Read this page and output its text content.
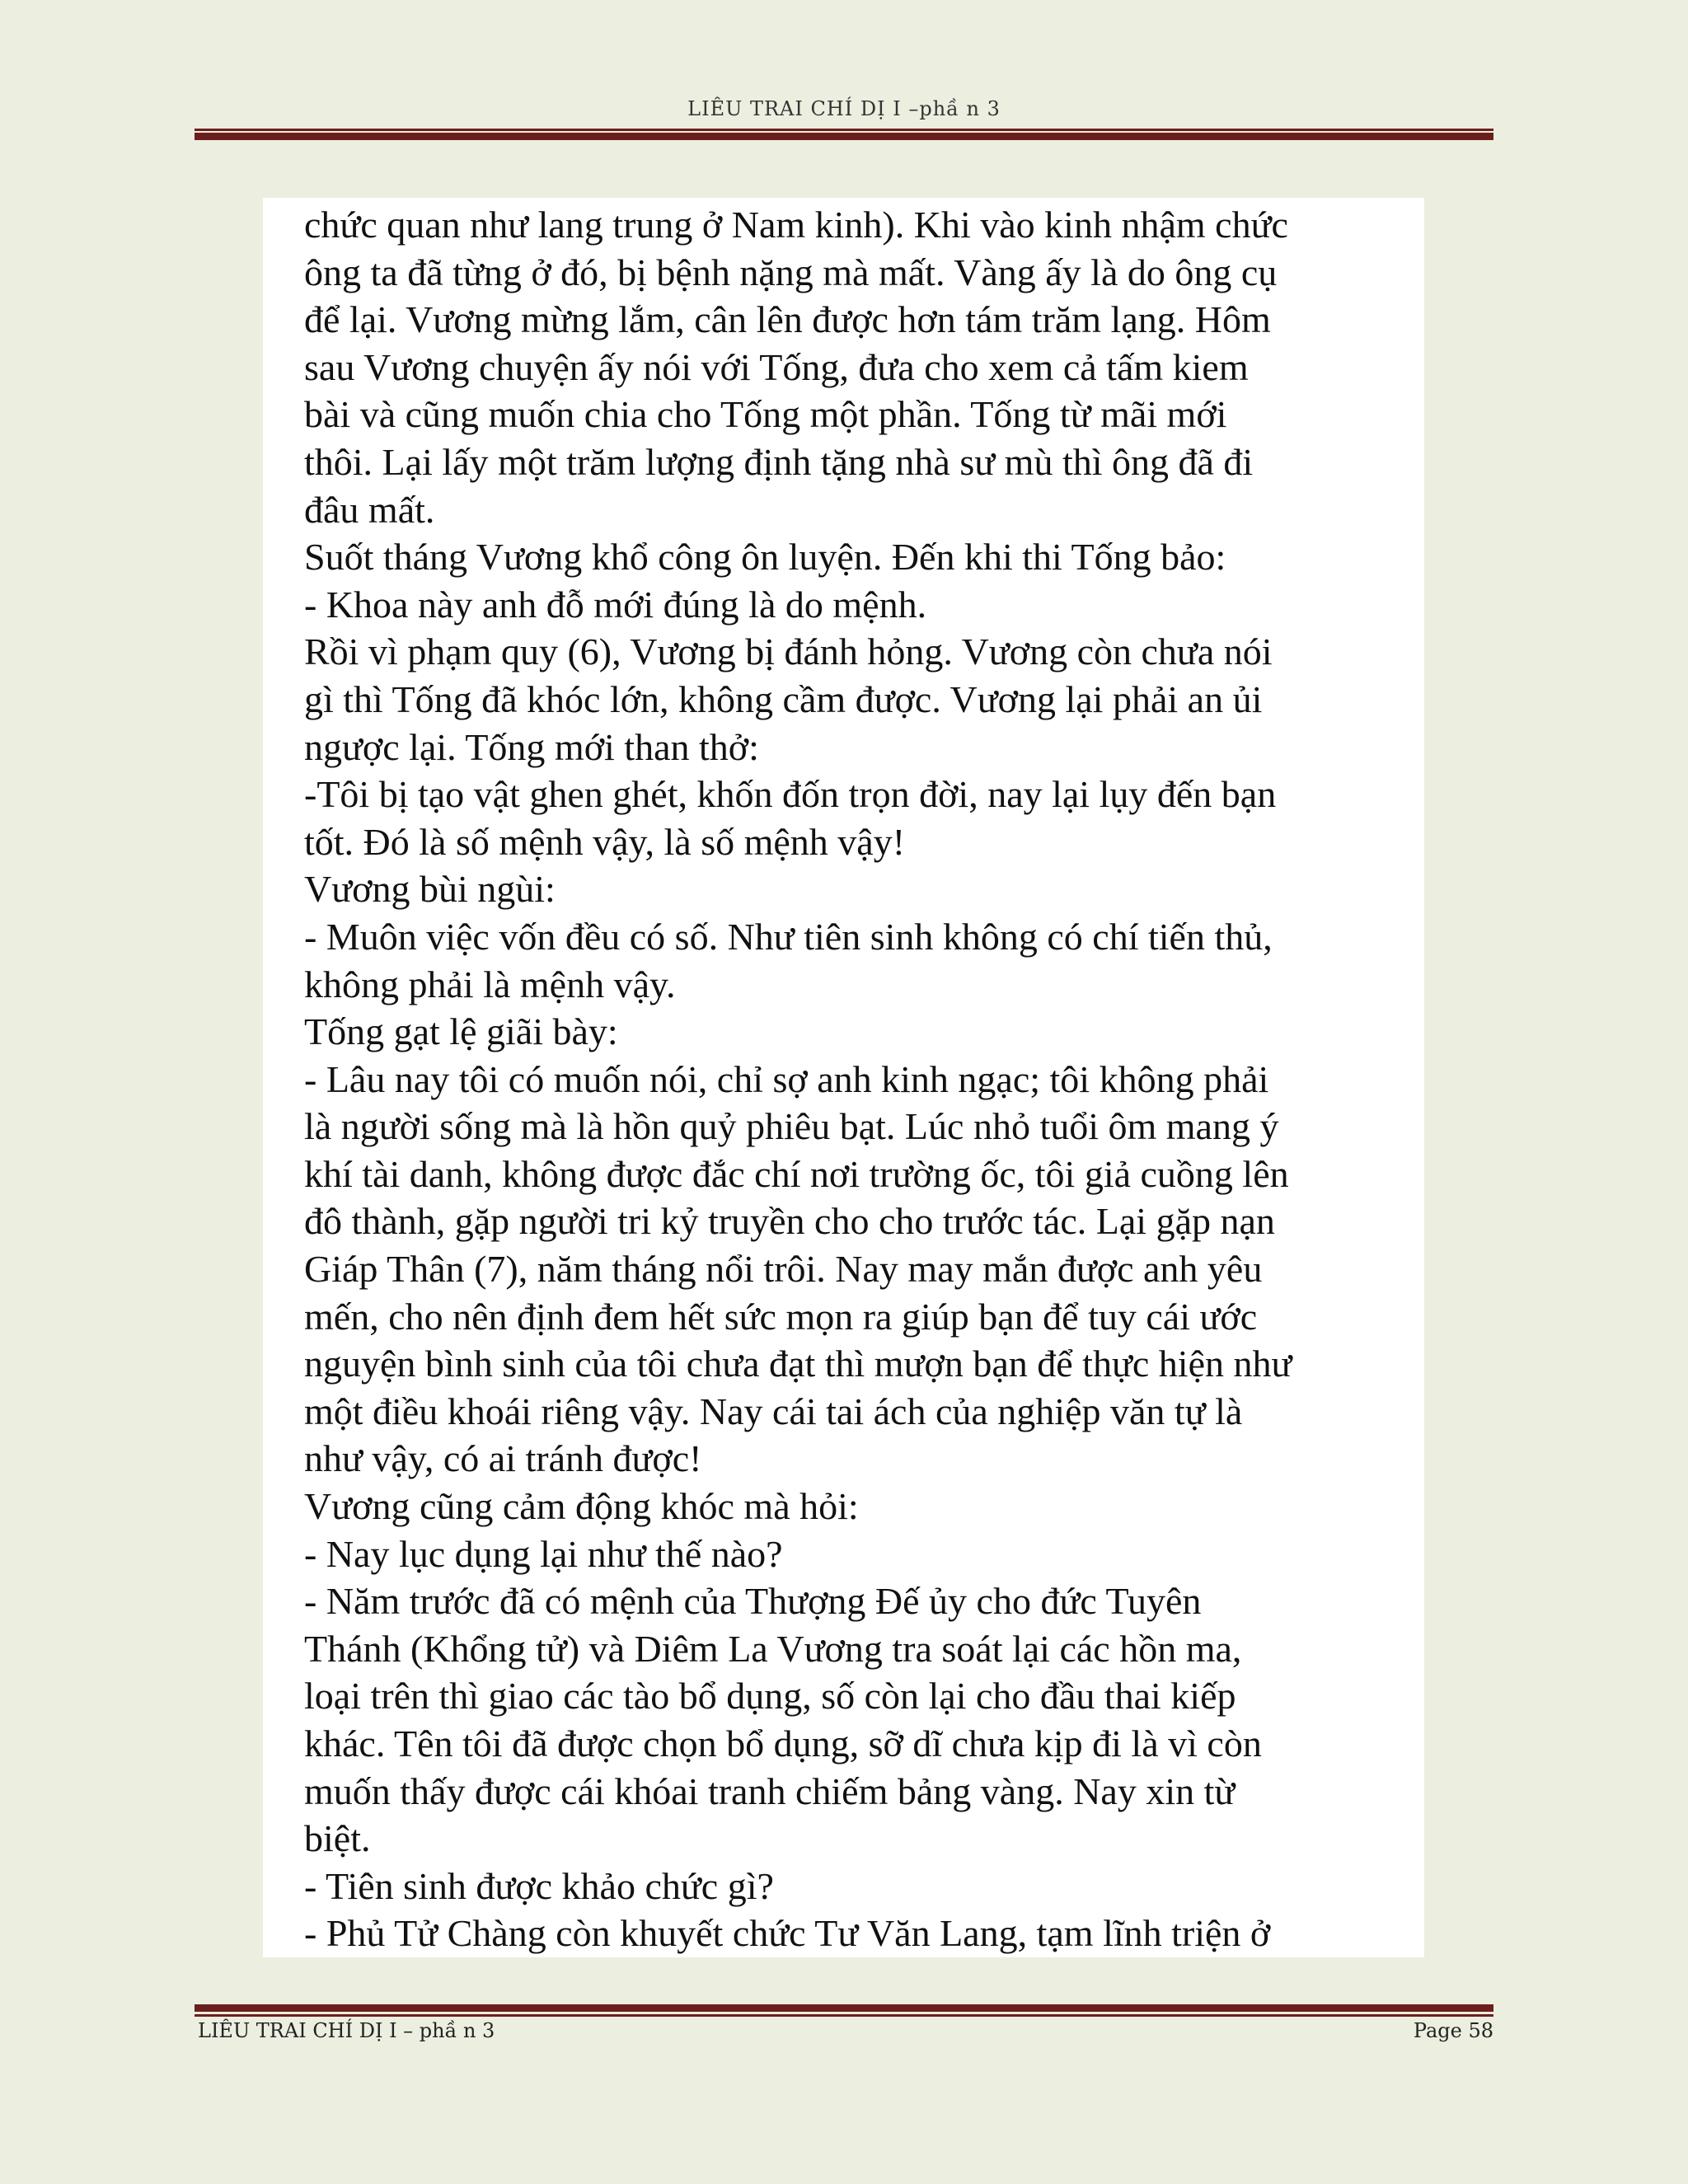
LIÊU TRAI CHÍ DỊ I –phầ n 3

chức quan như lang trung ở Nam kinh). Khi vào kinh nhậm chức

ông ta đã từng ở đó, bị bệnh nặng mà mất. Vàng ấy là do ông cụ

để lại. Vương mừng lắm, cân lên được hơn tám trăm lạng. Hôm

sau Vương chuyện ấy nói với Tống, đưa cho xem cả tấm kiem

bài và cũng muốn chia cho Tống một phần. Tống từ mãi mới

thôi. Lại lấy một trăm lượng định tặng nhà sư mù thì ông đã đi

đâu mất.

Suốt tháng Vương khổ công ôn luyện. Đến khi thi Tống bảo:

- Khoa này anh đỗ mới đúng là do mệnh.

Rồi vì phạm quy (6), Vương bị đánh hỏng. Vương còn chưa nói

gì thì Tống đã khóc lớn, không cầm được. Vương lại phải an ủi

ngược lại. Tống mới than thở:

-Tôi bị tạo vật ghen ghét, khốn đốn trọn đời, nay lại lụy đến bạn

tốt. Đó là số mệnh vậy, là số mệnh vậy!

Vương bùi ngùi:

- Muôn việc vốn đều có số. Như tiên sinh không có chí tiến thủ,

không phải là mệnh vậy.

Tống gạt lệ giãi bày:

- Lâu nay tôi có muốn nói, chỉ sợ anh kinh ngạc; tôi không phải

là người sống mà là hồn quỷ phiêu bạt. Lúc nhỏ tuổi ôm mang ý

khí tài danh, không được đắc chí nơi trường ốc, tôi giả cuồng lên

đô thành, gặp người tri kỷ truyền cho cho trước tác. Lại gặp nạn

Giáp Thân (7), năm tháng nổi trôi. Nay may mắn được anh yêu

mến, cho nên định đem hết sức mọn ra giúp bạn để tuy cái ước

nguyện bình sinh của tôi chưa đạt thì mượn bạn để thực hiện như

một điều khoái riêng vậy. Nay cái tai ách của nghiệp văn tự là

như vậy, có ai tránh được!

Vương cũng cảm động khóc mà hỏi:

- Nay lục dụng lại như thế nào?

- Năm trước đã có mệnh của Thượng Đế ủy cho đức Tuyên

Thánh (Khổng tử) và Diêm La Vương tra soát lại các hồn ma,

loại trên thì giao các tào bổ dụng, số còn lại cho đầu thai kiếp

khác. Tên tôi đã được chọn bổ dụng, sỡ dĩ chưa kịp đi là vì còn

muốn thấy được cái khóai tranh chiếm bảng vàng. Nay xin từ

biệt.

- Tiên sinh được khảo chức gì?

- Phủ Tử Chàng còn khuyết chức Tư Văn Lang, tạm lĩnh triện ở

LIÊU TRAI CHÍ DỊ I – phầ n 3	Page 58
